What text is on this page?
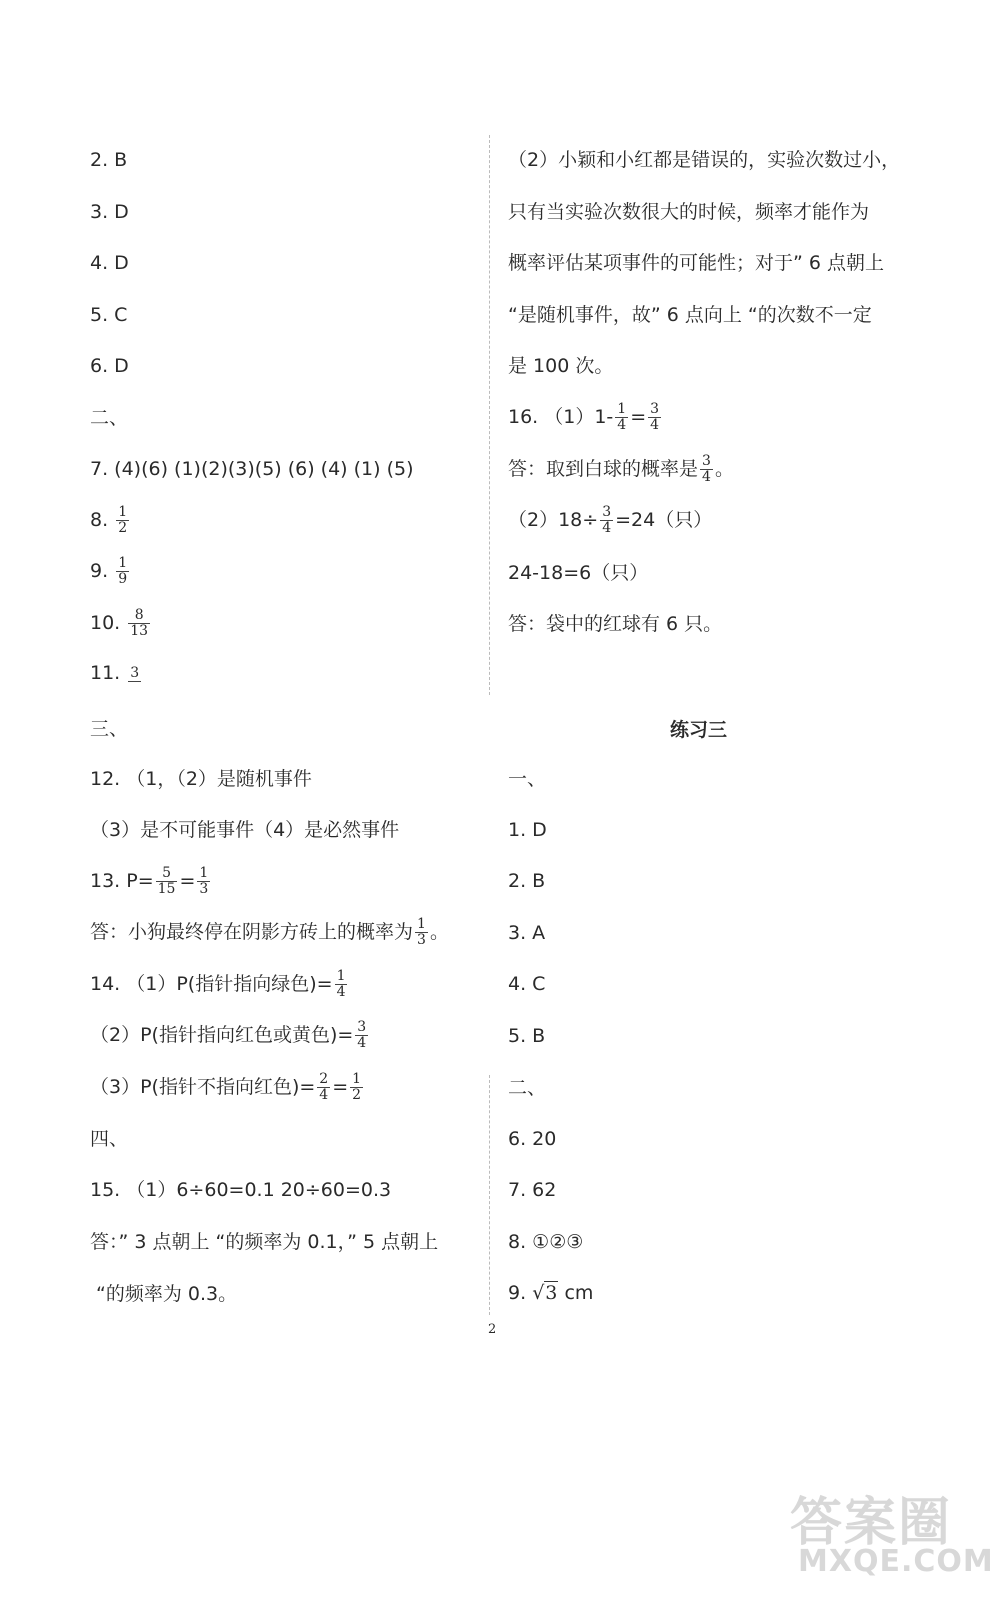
2. B
3. D
4. D
5. C
6. D
二、
7. (4)(6) (1)(2)(3)(5) (6) (4) (1) (5)
8. $\frac{1}{2}$
9. $\frac{1}{9}$
10. $\frac{8}{13}$
11. 3
三、
12. （1，（2）是随机事件
（3）是不可能事件（4）是必然事件
13. $P= \frac{5}{15} = \frac{1}{3}$
答：小狗最终停在阴影方砖上的概率为 $\frac{1}{3}$ 。
14. （1）P(指针指向绿色)= $\frac{1}{4}$
（2）P(指针指向红色或黄色)= $\frac{3}{4}$
（3）P(指针不指向红色)= $\frac{2}{4} = \frac{1}{2}$
四、
15. （1）6÷60=0.1 20÷60=0.3
答：” 3 点朝上 “的频率为 0.1，” 5 点朝上
“的频率为 0.3。
（2）小颖和小红都是错误的，实验次数过小，
只有当实验次数很大的时候，频率才能作为
概率评估某项事件的可能性；对于” 6 点朝上
“是随机事件，故” 6 点向上 “的次数不一定
是 100 次。
16. $(1)1- \frac{1}{4} = \frac{3}{4}$
答：取到白球的概率是 $\frac{3}{4}$ 。
$(2)18\div \frac{3}{4} =24$（只）
24-18=6（只）
答：袋中的红球有 6 只。
练习三
一、
1. D
2. B
3. A
4. C
5. B
二、
6. 20
7. 62
8. ①②③
9. √3 cm
2
答案圈
MXQE.COM
